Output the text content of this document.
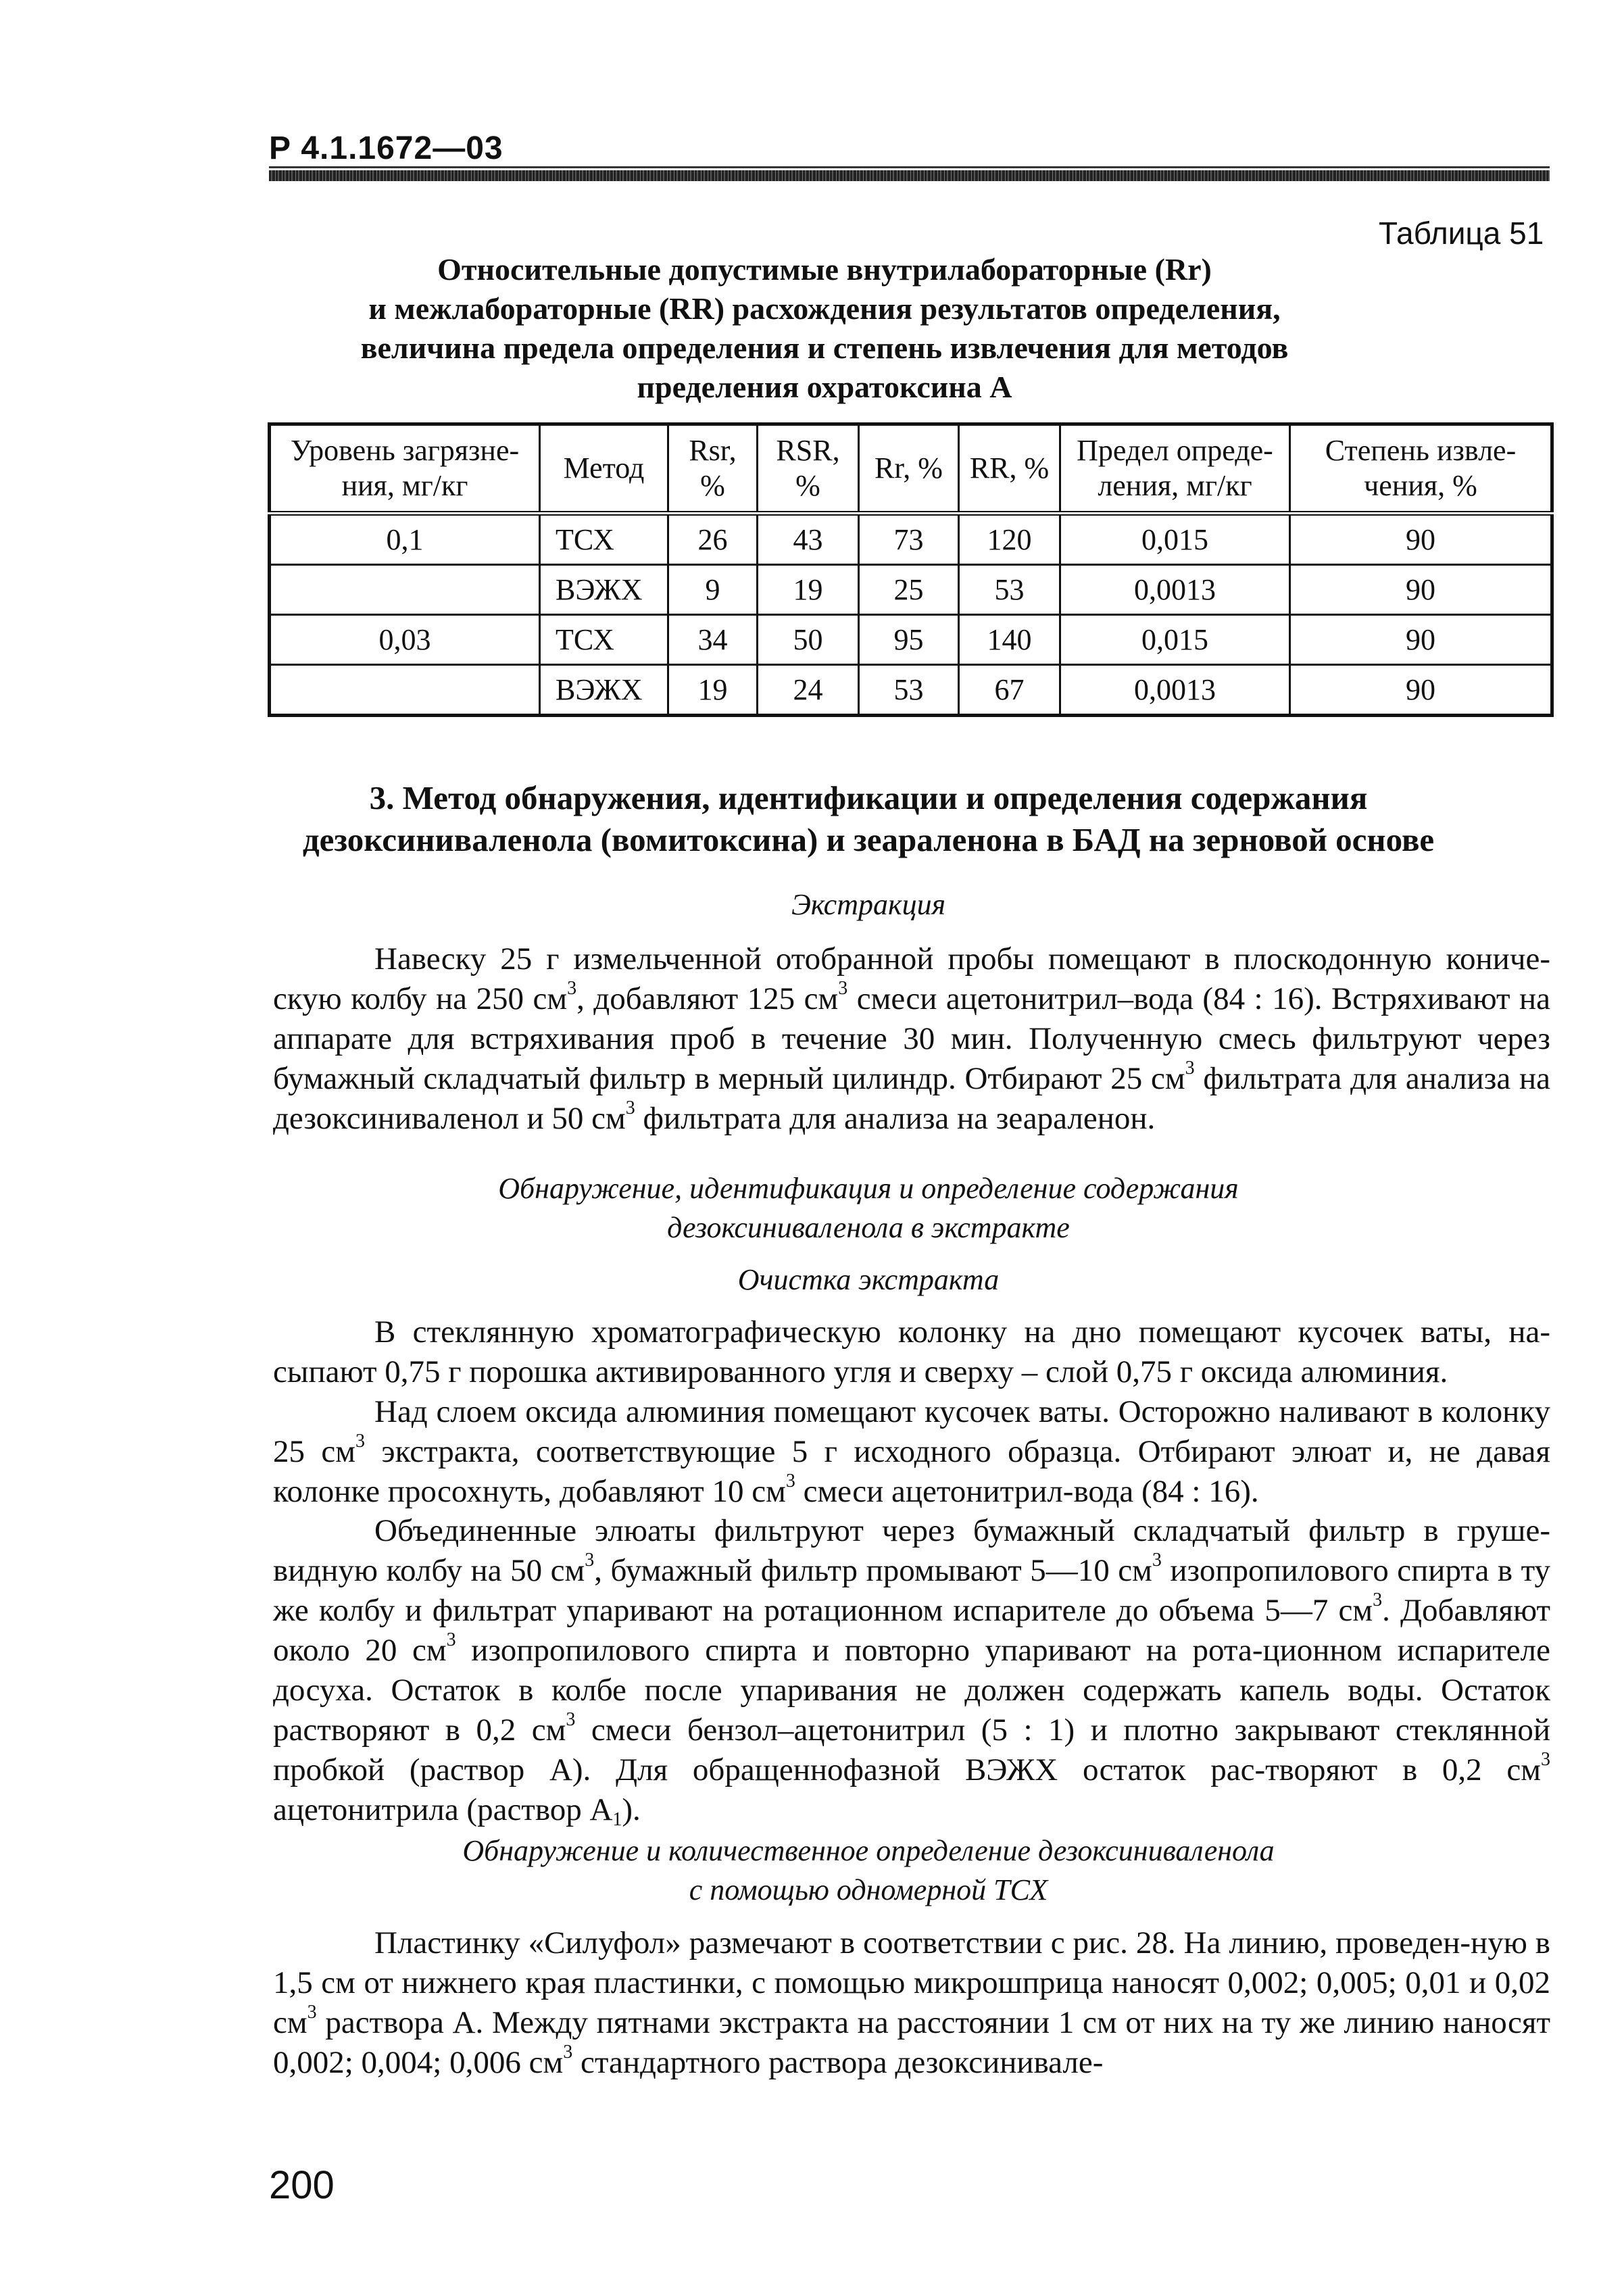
Р 4.1.1672—03
Таблица 51
Относительные допустимые внутрилабораторные (Rr)
и межлабораторные (RR) расхождения результатов определения,
величина предела определения и степень извлечения для методов
пределения охратоксина А
Уровень загрязне-ния, мг/кг	Метод	Rsr, %	RSR, %	Rr, %	RR, %	Предел опреде-ления, мг/кг	Степень извле-чения, %
0,1	ТСХ	26	43	73	120	0,015	90
	ВЭЖХ	9	19	25	53	0,0013	90
0,03	ТСХ	34	50	95	140	0,015	90
	ВЭЖХ	19	24	53	67	0,0013	90
3. Метод обнаружения, идентификации и определения содержания
дезоксиниваленола (вомитоксина) и зеараленона в БАД на зерновой основе
Экстракция
Навеску 25 г измельченной отобранной пробы помещают в плоскодонную кониче-скую колбу на 250 $см^3$, добавляют 125 $см^3$ смеси ацетонитрил–вода (84 : 16). Встряхивают на аппарате для встряхивания проб в течение 30 мин. Полученную смесь фильтруют через бумажный складчатый фильтр в мерный цилиндр. Отбирают 25 $см^3$ фильтрата для анализа на дезоксиниваленол и 50 $см^3$ фильтрата для анализа на зеараленон.
Обнаружение, идентификация и определение содержания
дезоксиниваленола в экстракте
Очистка экстракта
В стеклянную хроматографическую колонку на дно помещают кусочек ваты, на-сыпают 0,75 г порошка активированного угля и сверху – слой 0,75 г оксида алюминия.
Над слоем оксида алюминия помещают кусочек ваты. Осторожно наливают в колонку 25 $см^3$ экстракта, соответствующие 5 г исходного образца. Отбирают элюат и, не давая колонке просохнуть, добавляют 10 $см^3$ смеси ацетонитрил-вода (84 : 16).
Объединенные элюаты фильтруют через бумажный складчатый фильтр в груше-видную колбу на 50 $см^3$, бумажный фильтр промывают 5—10 $см^3$ изопропилового спирта в ту же колбу и фильтрат упаривают на ротационном испарителе до объема 5—7 $см^3$. Добавляют около 20 $см^3$ изопропилового спирта и повторно упаривают на рота-ционном испарителе досуха. Остаток в колбе после упаривания не должен содержать капель воды. Остаток растворяют в 0,2 $см^3$ смеси бензол–ацетонитрил (5 : 1) и плотно закрывают стеклянной пробкой (раствор А). Для обращеннофазной ВЭЖХ остаток рас-творяют в 0,2 $см^3$ ацетонитрила (раствор $А_1$).
Обнаружение и количественное определение дезоксиниваленола
с помощью одномерной ТСХ
Пластинку «Силуфол» размечают в соответствии с рис. 28. На линию, проведен-ную в 1,5 см от нижнего края пластинки, с помощью микрошприца наносят 0,002; 0,005; 0,01 и 0,02 $см^3$ раствора А. Между пятнами экстракта на расстоянии 1 см от них на ту же линию наносят 0,002; 0,004; 0,006 $см^3$ стандартного раствора дезоксинивале-
200
